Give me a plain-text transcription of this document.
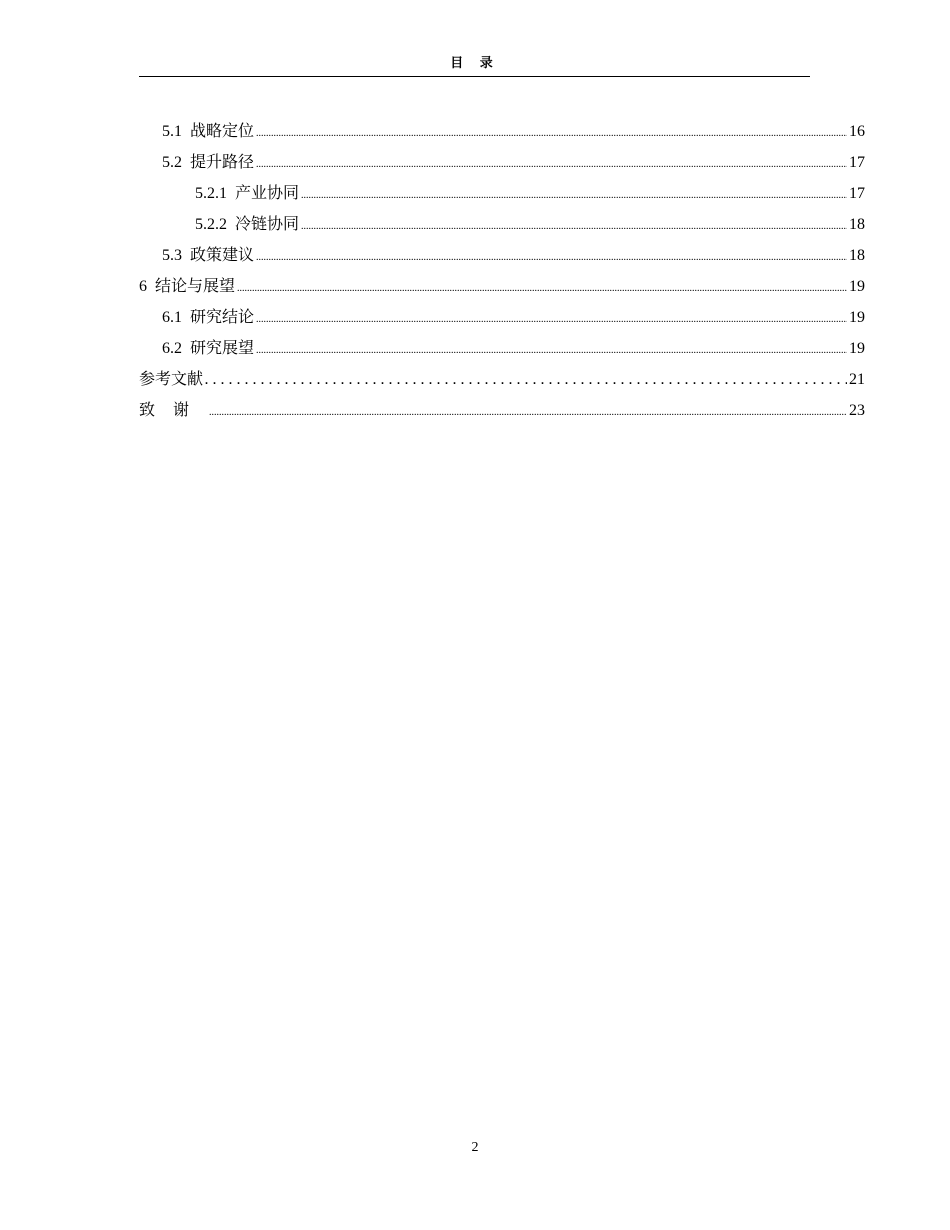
目 录
5.1 战略定位 .....	16
5.2 提升路径 .....	17
5.2.1 产业协同 .....	17
5.2.2 冷链协同 .....	18
5.3 政策建议 .....	18
6 结论与展望 .....	19
6.1 研究结论 .....	19
6.2 研究展望 .....	19
参考文献 .....	21
致谢 .....	23
2
